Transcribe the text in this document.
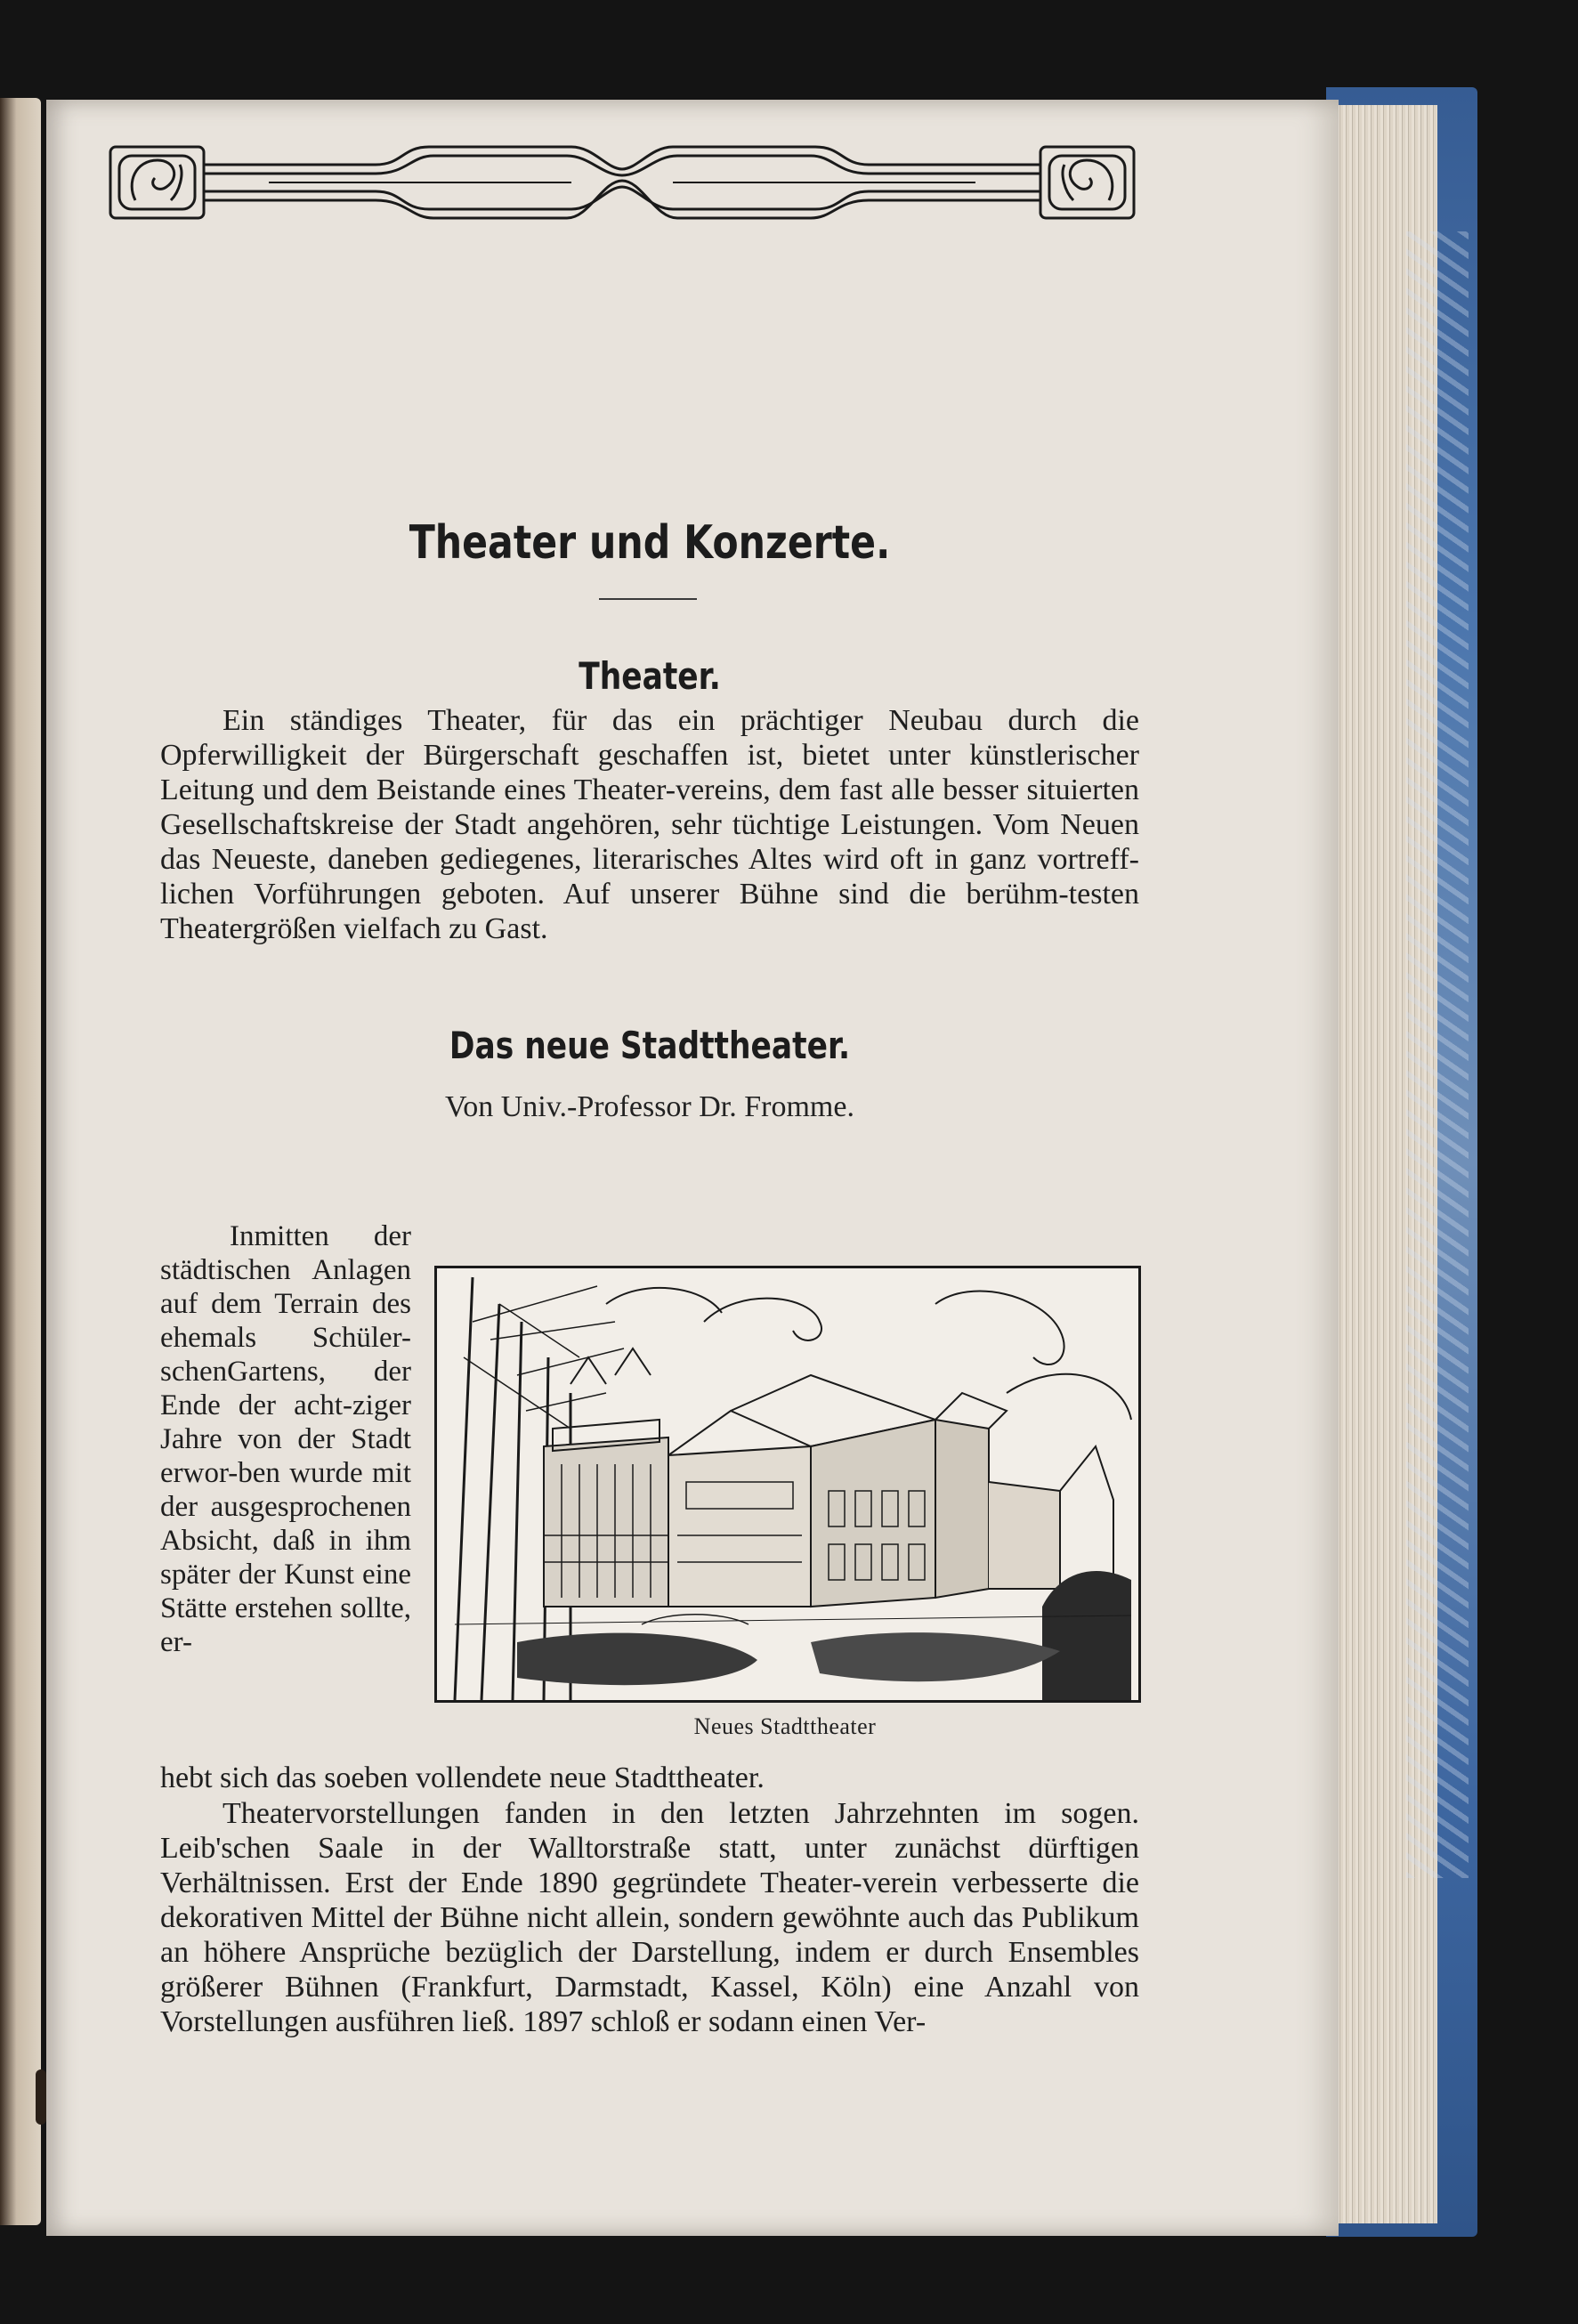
Theater und Konzerte.
Theater.
Ein ständiges Theater, für das ein prächtiger Neubau durch die Opferwilligkeit der Bürgerschaft geschaffen ist, bietet unter künstlerischer Leitung und dem Beistande eines Theater-vereins, dem fast alle besser situierten Gesellschaftskreise der Stadt angehören, sehr tüchtige Leistungen. Vom Neuen das Neueste, daneben gediegenes, literarisches Altes wird oft in ganz vortreff-lichen Vorführungen geboten. Auf unserer Bühne sind die berühm-testen Theatergrößen vielfach zu Gast.
Das neue Stadttheater.
Von Univ.-Professor Dr. Fromme.
Inmitten der städtischen Anlagen auf dem Terrain des ehemals Schüler-schenGartens, der Ende der acht-ziger Jahre von der Stadt erwor-ben wurde mit der ausgesprochenen Absicht, daß in ihm später der Kunst eine Stätte erstehen sollte, er-
Neues Stadttheater
hebt sich das soeben vollendete neue Stadttheater.
Theatervorstellungen fanden in den letzten Jahrzehnten im sogen. Leib'schen Saale in der Walltorstraße statt, unter zunächst dürftigen Verhältnissen. Erst der Ende 1890 gegründete Theater-verein verbesserte die dekorativen Mittel der Bühne nicht allein, sondern gewöhnte auch das Publikum an höhere Ansprüche bezüglich der Darstellung, indem er durch Ensembles größerer Bühnen (Frankfurt, Darmstadt, Kassel, Köln) eine Anzahl von Vorstellungen ausführen ließ. 1897 schloß er sodann einen Ver-
